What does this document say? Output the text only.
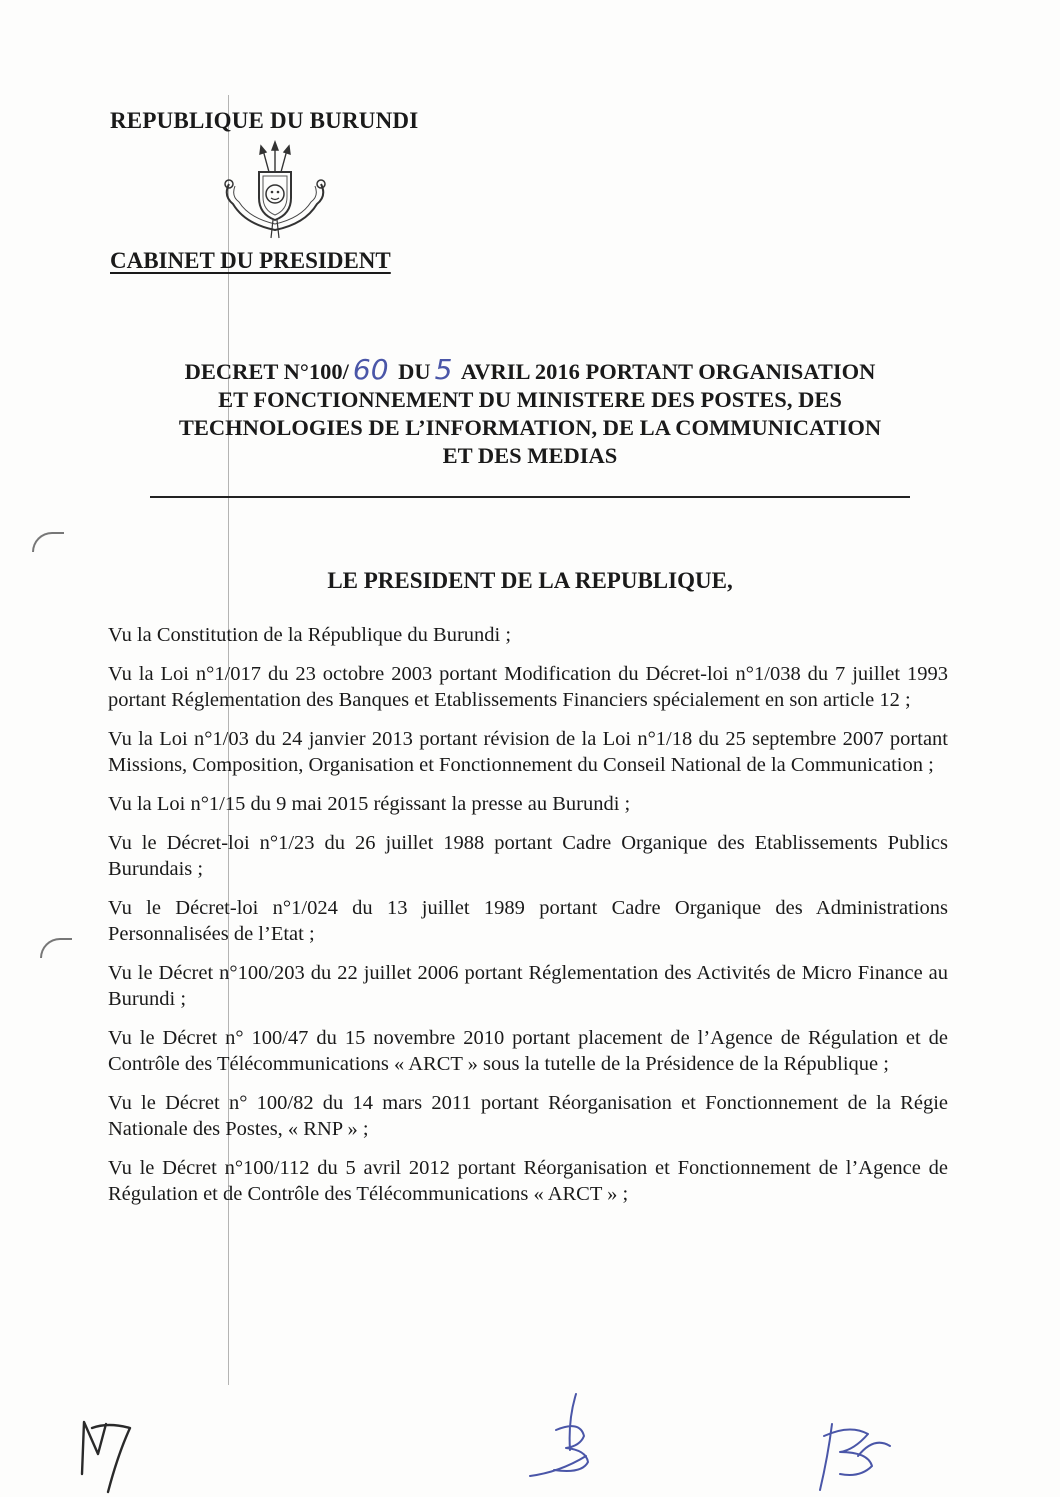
REPUBLIQUE DU BURUNDI
CABINET DU PRESIDENT
DECRET N°100/ 60 DU 5 AVRIL 2016 PORTANT ORGANISATION
ET FONCTIONNEMENT DU MINISTERE DES POSTES, DES
TECHNOLOGIES DE L’INFORMATION, DE LA COMMUNICATION
ET DES MEDIAS
LE PRESIDENT DE LA REPUBLIQUE,

Vu la Constitution de la République du Burundi ;

Vu la Loi n°1/017 du 23 octobre 2003 portant Modification du Décret-loi n°1/038 du 7 juillet 1993 portant Réglementation des Banques et Etablissements Financiers spécialement en son article 12 ;

Vu la Loi n°1/03 du 24 janvier 2013 portant révision de la Loi n°1/18 du 25 septembre 2007 portant Missions, Composition, Organisation et Fonctionnement du Conseil National de la Communication ;

Vu la Loi n°1/15 du 9 mai 2015 régissant la presse au Burundi ;

Vu le Décret-loi n°1/23 du 26 juillet 1988 portant Cadre Organique des Etablissements Publics Burundais ;

Vu le Décret-loi n°1/024 du 13 juillet 1989 portant Cadre Organique des Administrations Personnalisées de l’Etat ;

Vu le Décret n°100/203 du 22 juillet 2006 portant Réglementation des Activités de Micro Finance au Burundi ;

Vu le Décret n° 100/47 du 15 novembre 2010 portant placement de l’Agence de Régulation et de Contrôle des Télécommunications « ARCT » sous la tutelle de la Présidence de la République ;

Vu le Décret n° 100/82 du 14 mars 2011 portant Réorganisation et Fonctionnement de la Régie Nationale des Postes, « RNP » ;

Vu le Décret n°100/112 du 5 avril 2012 portant Réorganisation et Fonctionnement de l’Agence de Régulation et de Contrôle des Télécommunications « ARCT » ;
